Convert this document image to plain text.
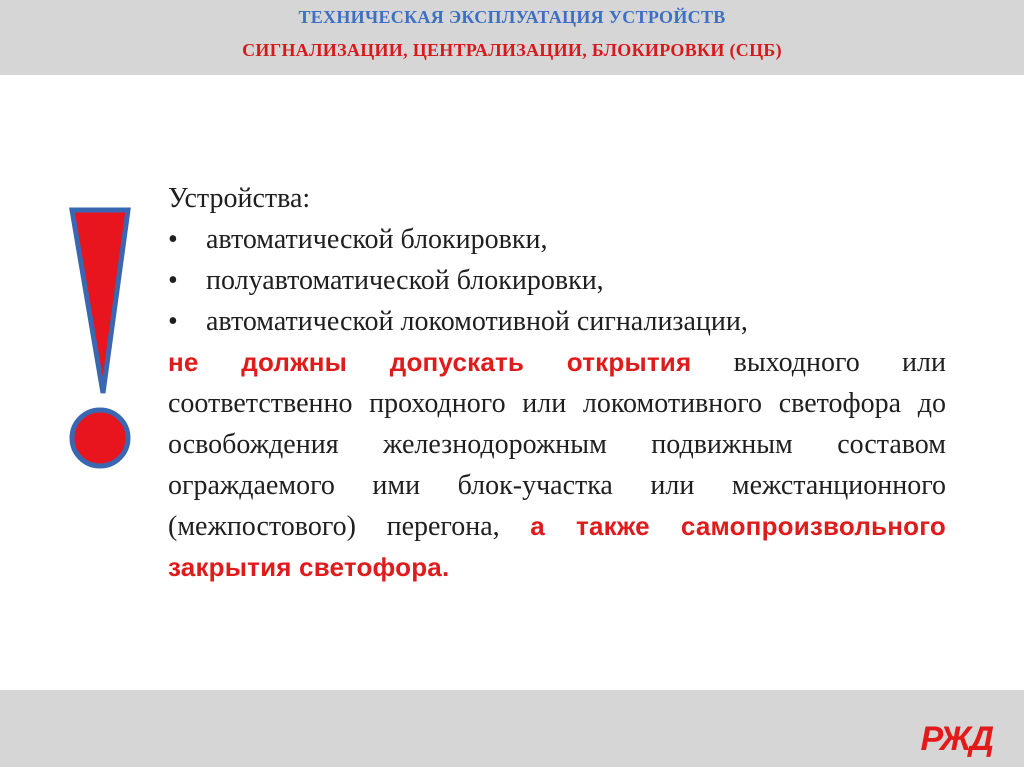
ТЕХНИЧЕСКАЯ ЭКСПЛУАТАЦИЯ УСТРОЙСТВ
СИГНАЛИЗАЦИИ, ЦЕНТРАЛИЗАЦИИ, БЛОКИРОВКИ (СЦБ)

Устройства:

• автоматической блокировки,
• полуавтоматической блокировки,
• автоматической локомотивной сигнализации,

не должны допускать открытия выходного или соответственно проходного или локомотивного светофора до освобождения железнодорожным подвижным составом ограждаемого ими блок-участка или межстанционного (межпостового) перегона, а также самопроизвольного закрытия светофора.

РЖД
